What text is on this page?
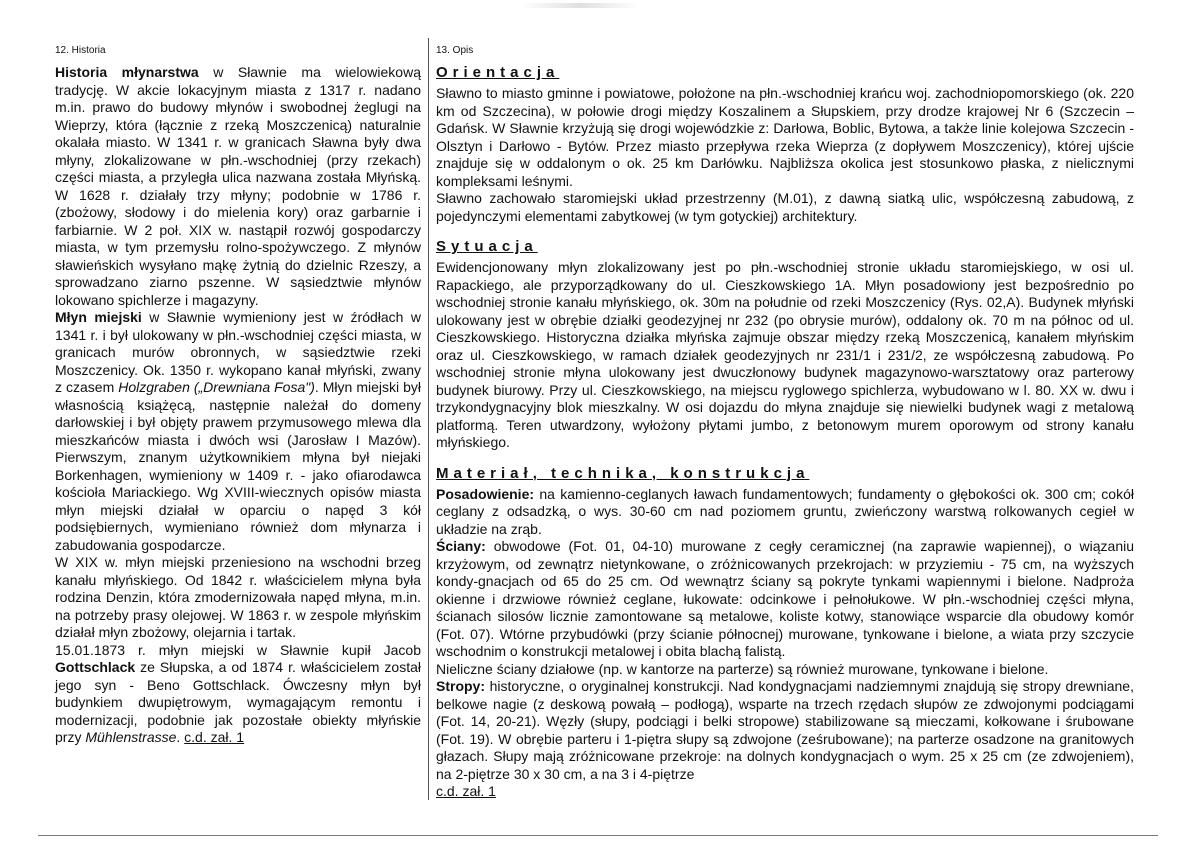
12. Historia

Historia młynarstwa w Sławnie ma wielowiekową tradycję. W akcie lokacyjnym miasta z 1317 r. nadano m.in. prawo do budowy młynów i swobodnej żeglugi na Wieprzy, która (łącznie z rzeką Moszczenicą) naturalnie okalała miasto. W 1341 r. w granicach Sławna były dwa młyny, zlokalizowane w płn.-wschodniej (przy rzekach) części miasta, a przyległa ulica nazwana została Młyńską. W 1628 r. działały trzy młyny; podobnie w 1786 r. (zbożowy, słodowy i do mielenia kory) oraz garbarnie i farbiarnie. W 2 poł. XIX w. nastąpił rozwój gospodarczy miasta, w tym przemysłu rolno-spożywczego. Z młynów sławieńskich wysyłano mąkę żytnią do dzielnic Rzeszy, a sprowadzano ziarno pszenne. W sąsiedztwie młynów lokowano spichlerze i magazyny.

Młyn miejski w Sławnie wymieniony jest w źródłach w 1341 r. i był ulokowany w płn.-wschodniej części miasta, w granicach murów obronnych, w sąsiedztwie rzeki Moszczenicy. Ok. 1350 r. wykopano kanał młyński, zwany z czasem Holzgraben („Drewniana Fosa"). Młyn miejski był własnością książęcą, następnie należał do domeny darłowskiej i był objęty prawem przymusowego mlewa dla mieszkańców miasta i dwóch wsi (Jarosław I Mazów). Pierwszym, znanym użytkownikiem młyna był niejaki Borkenhagen, wymieniony w 1409 r. - jako ofiarodawca kościoła Mariackiego. Wg XVIII-wiecznych opisów miasta młyn miejski działał w oparciu o napęd 3 kół podsiębiernych, wymieniano również dom młynarza i zabudowania gospodarcze.

W XIX w. młyn miejski przeniesiono na wschodni brzeg kanału młyńskiego. Od 1842 r. właścicielem młyna była rodzina Denzin, która zmodernizowała napęd młyna, m.in. na potrzeby prasy olejowej. W 1863 r. w zespole młyńskim działał młyn zbożowy, olejarnia i tartak.

15.01.1873 r. młyn miejski w Sławnie kupił Jacob Gottschlack ze Słupska, a od 1874 r. właścicielem został jego syn - Beno Gottschlack. Ówczesny młyn był budynkiem dwupiętrowym, wymagającym remontu i modernizacji, podobnie jak pozostałe obiekty młyńskie przy Mühlenstrasse. c.d. zał. 1

13. Opis
Orientacja

Sławno to miasto gminne i powiatowe, położone na płn.-wschodniej krańcu woj. zachodniopomorskiego (ok. 220 km od Szczecina), w połowie drogi między Koszalinem a Słupskiem, przy drodze krajowej Nr 6 (Szczecin – Gdańsk. W Sławnie krzyżują się drogi wojewódzkie z: Darłowa, Boblic, Bytowa, a także linie kolejowa Szczecin - Olsztyn i Darłowo - Bytów. Przez miasto przepływa rzeka Wieprza (z dopływem Moszczenicy), której ujście znajduje się w oddalonym o ok. 25 km Darłówku. Najbliższa okolica jest stosunkowo płaska, z nielicznymi kompleksami leśnymi.

Sławno zachowało staromiejski układ przestrzenny (M.01), z dawną siatką ulic, współczesną zabudową, z pojedynczymi elementami zabytkowej (w tym gotyckiej) architektury.

Sytuacja

Ewidencjonowany młyn zlokalizowany jest po płn.-wschodniej stronie układu staromiejskiego, w osi ul. Rapackiego, ale przyporządkowany do ul. Cieszkowskiego 1A. Młyn posadowiony jest bezpośrednio po wschodniej stronie kanału młyńskiego, ok. 30m na południe od rzeki Moszczenicy (Rys. 02,A). Budynek młyński ulokowany jest w obrębie działki geodezyjnej nr 232 (po obrysie murów), oddalony ok. 70 m na północ od ul. Cieszkowskiego. Historyczna działka młyńska zajmuje obszar między rzeką Moszczenicą, kanałem młyńskim oraz ul. Cieszkowskiego, w ramach działek geodezyjnych nr 231/1 i 231/2, ze współczesną zabudową. Po wschodniej stronie młyna ulokowany jest dwuczłonowy budynek magazynowo-warsztatowy oraz parterowy budynek biurowy. Przy ul. Cieszkowskiego, na miejscu ryglowego spichlerza, wybudowano w l. 80. XX w. dwu i trzykondygnacyjny blok mieszkalny. W osi dojazdu do młyna znajduje się niewielki budynek wagi z metalową platformą. Teren utwardzony, wyłożony płytami jumbo, z betonowym murem oporowym od strony kanału młyńskiego.

Materiał, technika, konstrukcja

Posadowienie: na kamienno-ceglanych ławach fundamentowych; fundamenty o głębokości ok. 300 cm; cokół ceglany z odsadzką, o wys. 30-60 cm nad poziomem gruntu, zwieńczony warstwą rolkowanych cegieł w układzie na zrąb.

Ściany: obwodowe (Fot. 01, 04-10) murowane z cegły ceramicznej (na zaprawie wapiennej), o wiązaniu krzyżowym, od zewnątrz nietynkowane, o zróżnicowanych przekrojach: w przyziemiu - 75 cm, na wyższych kondy-gnacjach od 65 do 25 cm. Od wewnątrz ściany są pokryte tynkami wapiennymi i bielone. Nadproża okienne i drzwiowe również ceglane, łukowate: odcinkowe i pełnołukowe. W płn.-wschodniej części młyna, ścianach silosów licznie zamontowane są metalowe, koliste kotwy, stanowiące wsparcie dla obudowy komór (Fot. 07). Wtórne przybudówki (przy ścianie północnej) murowane, tynkowane i bielone, a wiata przy szczycie wschodnim o konstrukcji metalowej i obita blachą falistą.

Nieliczne ściany działowe (np. w kantorze na parterze) są również murowane, tynkowane i bielone.

Stropy: historyczne, o oryginalnej konstrukcji. Nad kondygnacjami nadziemnymi znajdują się stropy drewniane, belkowe nagie (z deskową powałą – podłogą), wsparte na trzech rzędach słupów ze zdwojonymi podciągami (Fot. 14, 20-21). Węzły (słupy, podciągi i belki stropowe) stabilizowane są mieczami, kołkowane i śrubowane (Fot. 19). W obrębie parteru i 1-piętra słupy są zdwojone (ześrubowane); na parterze osadzone na granitowych głazach. Słupy mają zróżnicowane przekroje: na dolnych kondygnacjach o wym. 25 x 25 cm (ze zdwojeniem), na 2-piętrze 30 x 30 cm, a na 3 i 4-piętrze

c.d. zał. 1
